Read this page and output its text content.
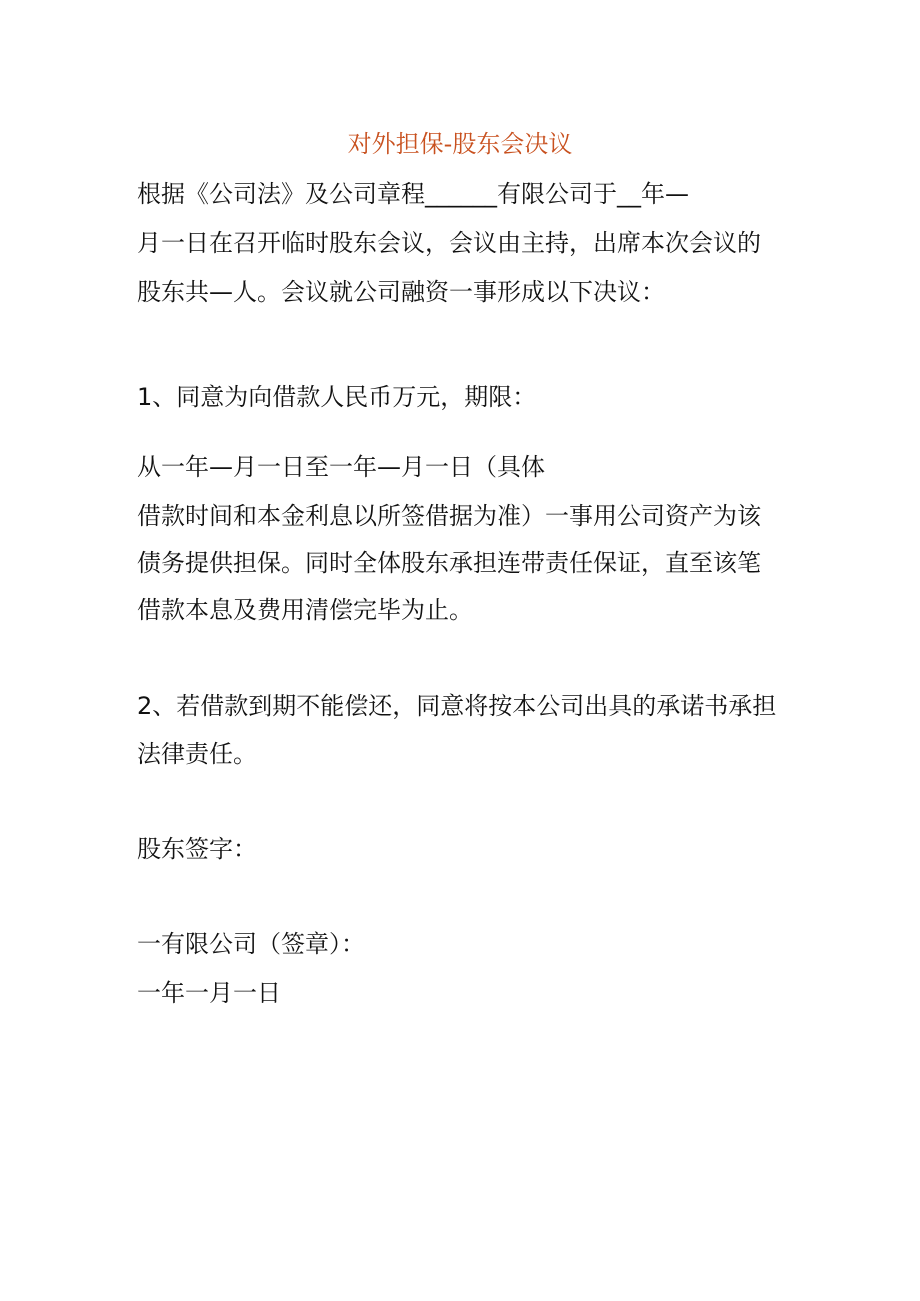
对外担保-股东会决议
根据《公司法》及公司章程______有限公司于__年—
月一日在召开临时股东会议，会议由主持，出席本次会议的
股东共—人。会议就公司融资一事形成以下决议：
1、同意为向借款人民币万元，期限：
从一年—月一日至一年—月一日（具体
借款时间和本金利息以所签借据为准）一事用公司资产为该
债务提供担保。同时全体股东承担连带责任保证，直至该笔
借款本息及费用清偿完毕为止。
2、若借款到期不能偿还，同意将按本公司出具的承诺书承担
法律责任。
股东签字：
一有限公司（签章）：
一年一月一日
